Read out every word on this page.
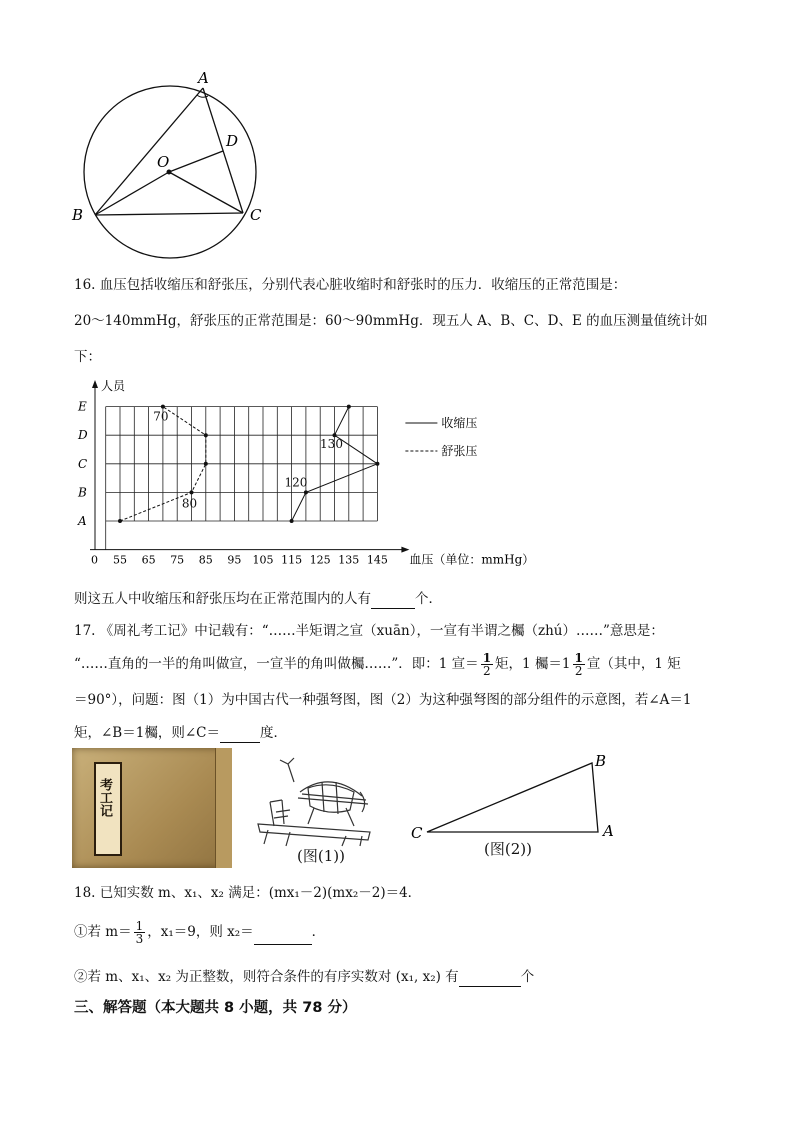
A
D
O
B	C
16. 血压包括收缩压和舒张压，分别代表心脏收缩时和舒张时的压力．收缩压的正常范围是：
20～140mmHg，舒张压的正常范围是：60～90mmHg．现五人 A、B、C、D、E 的血压测量值统计如
下：
人员
血压（单位：mmHg）
0
A
B
C
D
E
55 65 75 85 95 105 115 125 135 145
70
130
120
80
收缩压
舒张压
则这五人中收缩压和舒张压均在正常范围内的人有	个．
17. 《周礼考工记》中记载有：“……半矩谓之宣（xuān），一宣有半谓之欘（zhú）……”意思是：
“……直角的一半的角叫做宣，一宣半的角叫做欘……”．即：1 宣＝ $\frac{1}{2}$ 矩，1 欘$=1 \frac{1}{2}$ 宣（其中，1 矩
＝90°），问题：图（1）为中国古代一种强弩图，图（2）为这种强弩图的部分组件的示意图，若∠A＝1
矩，∠B＝1欘，则∠C＝	度．
考工记
(图(1))
B
C	A
(图(2))
18. 已知实数 m、x₁、x₂ 满足：(mx₁－2)(mx₂－2)＝4．
①若 $m= \frac{1}{3}$ ，x₁＝9，则 x₂＝	．
②若 m、x₁、x₂ 为正整数，则符合条件的有序实数对 (x₁, x₂) 有	个
三、解答题（本大题共 8 小题，共 78 分）
